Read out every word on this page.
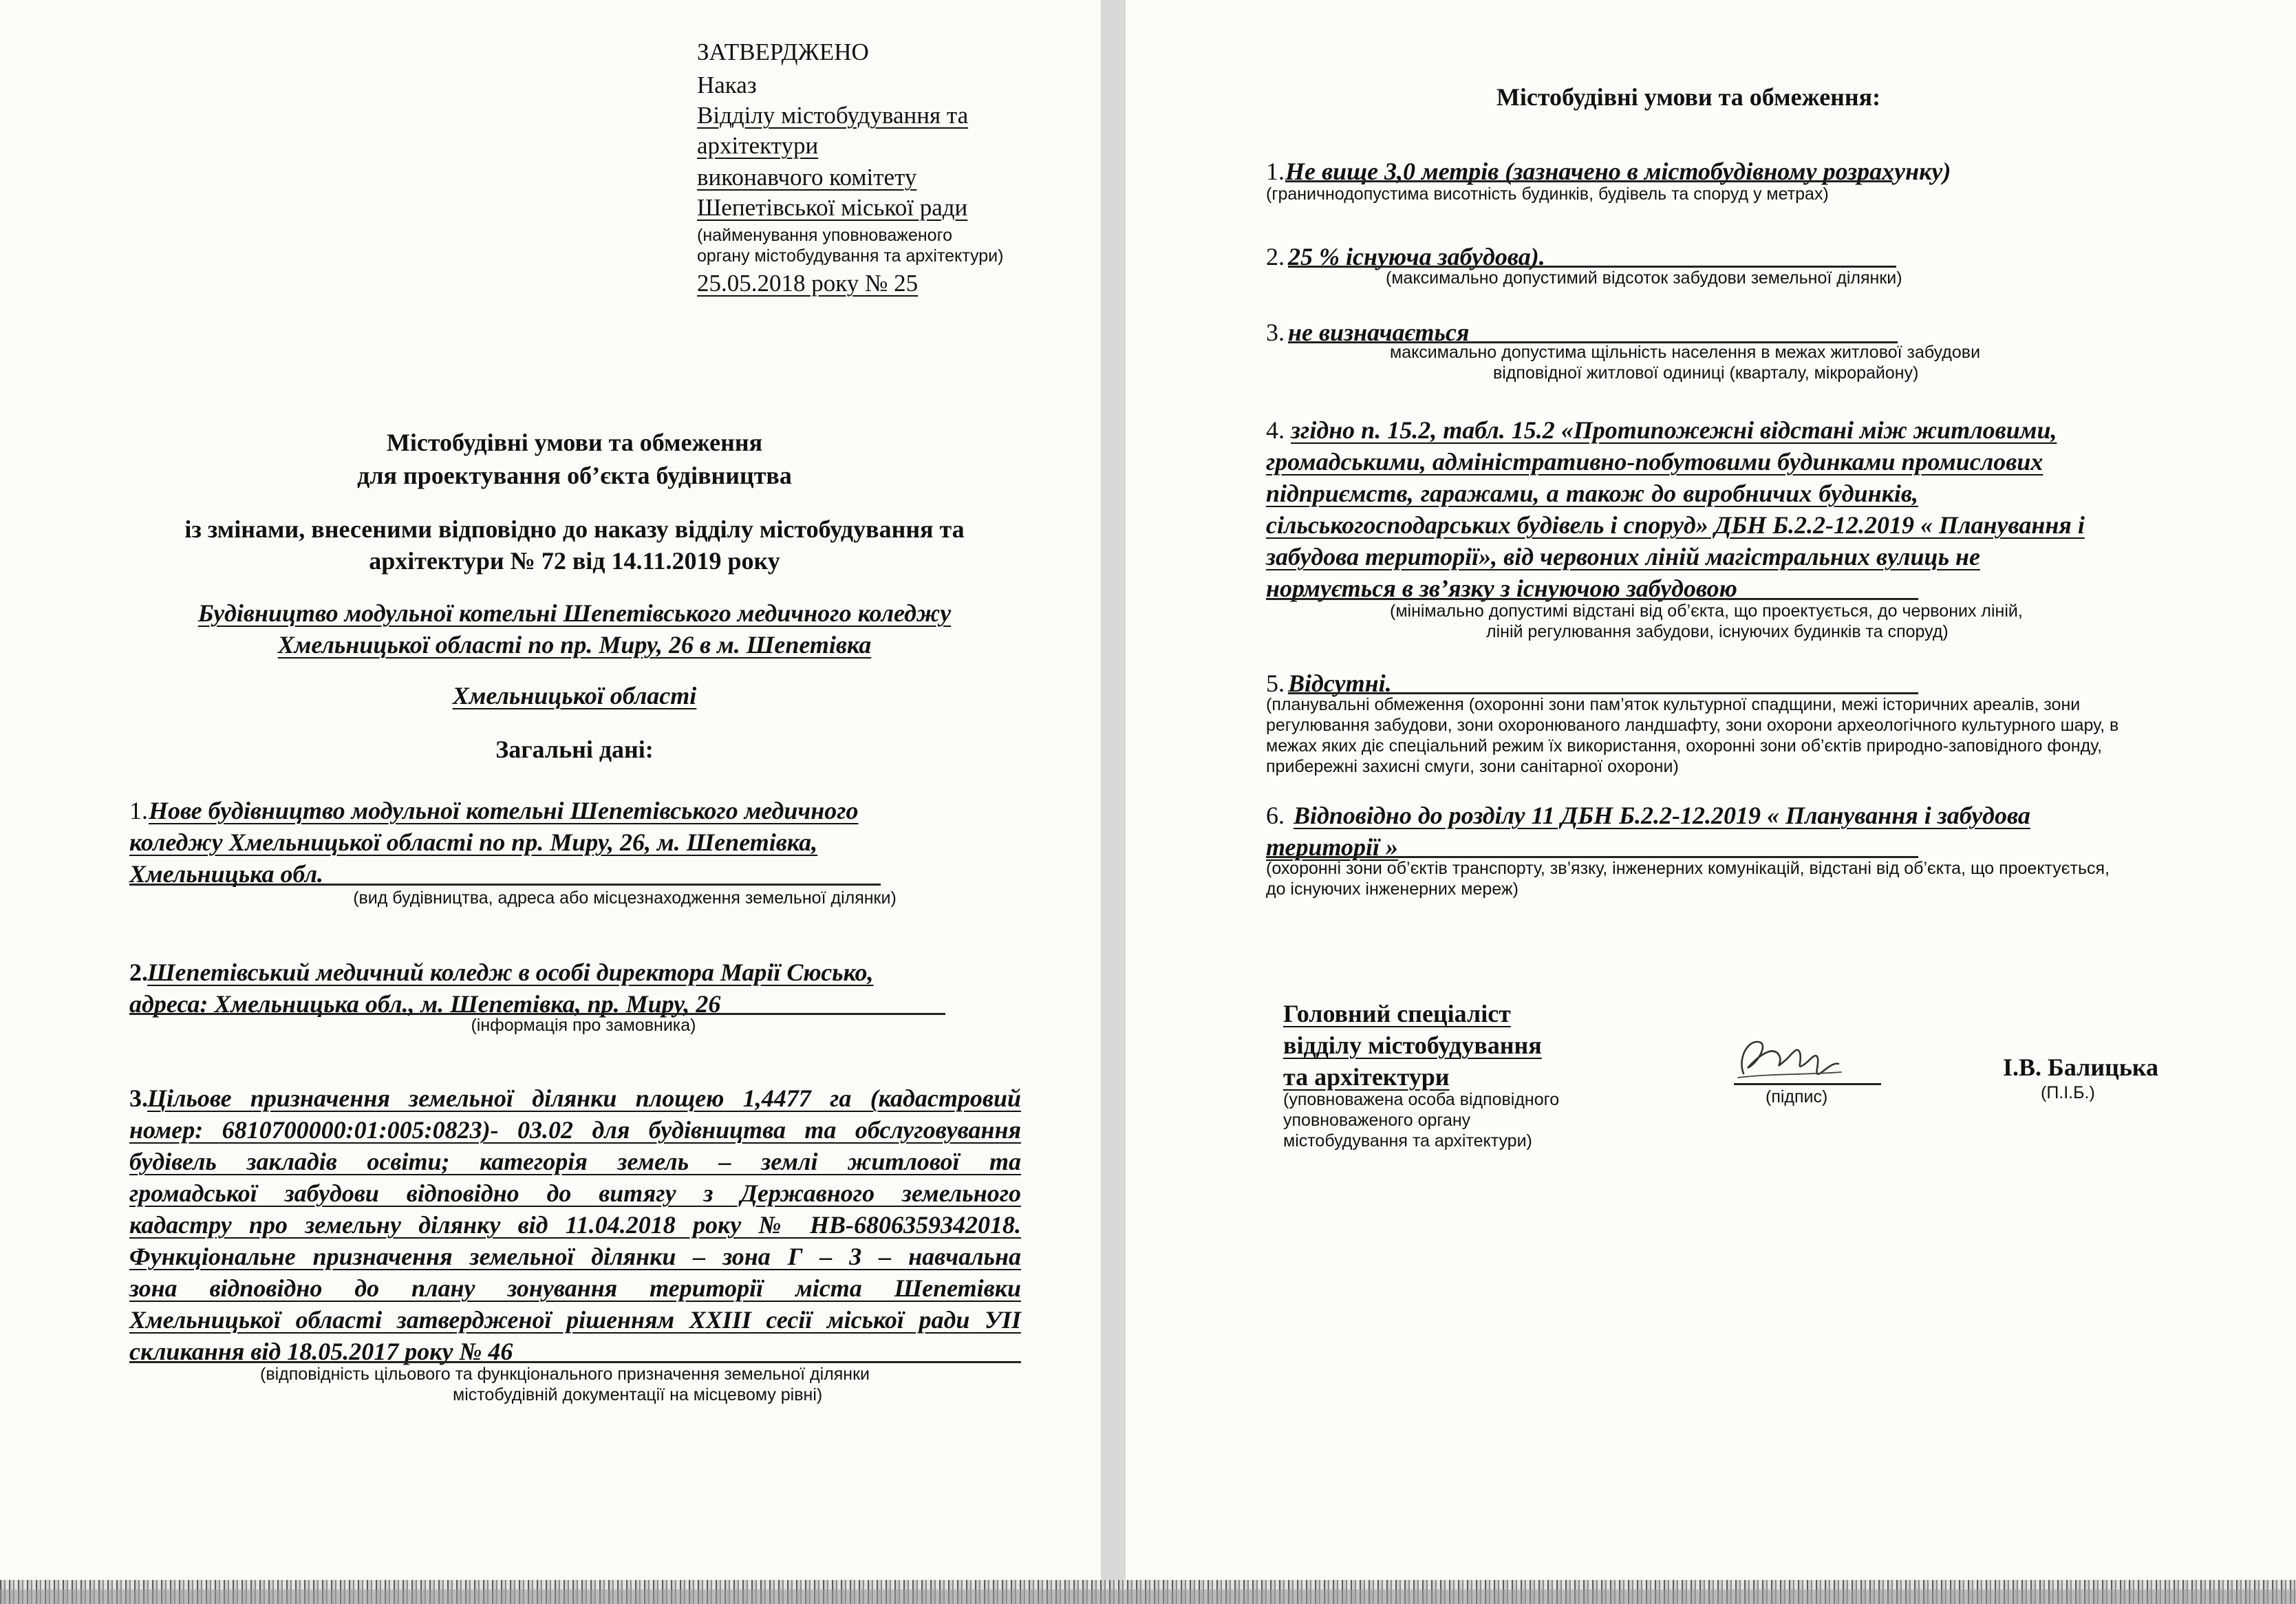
ЗАТВЕРДЖЕНО
Наказ
Відділу містобудування та
архітектури
виконавчого комітету
Шепетівської міської ради
(найменування уповноваженого
органу містобудування та архітектури)
25.05.2018 року № 25
Містобудівні умови та обмеження
для проектування об’єкта будівництва
із змінами, внесеними відповідно до наказу відділу містобудування та
архітектури № 72 від 14.11.2019 року
Будівництво модульної котельні Шепетівського медичного коледжу
Хмельницької області по пр. Миру, 26 в м. Шепетівка
Хмельницької області
Загальні дані:
1. Нове будівництво модульної котельні Шепетівського медичного
коледжу Хмельницької області по пр. Миру, 26, м. Шепетівка,
Хмельницька обл.
(вид будівництва, адреса або місцезнаходження земельної ділянки)
2. Шепетівський медичний коледж в особі директора Марії Сюсько,
адреса: Хмельницька обл., м. Шепетівка, пр. Миру, 26
(інформація про замовника)
3. Цільове призначення земельної ділянки площею 1,4477 га (кадастровий
номер: 6810700000:01:005:0823)- 03.02 для будівництва та обслуговування
будівель закладів освіти; категорія земель – землі житлової та
громадської забудови відповідно до витягу з Державного земельного
кадастру про земельну ділянку від 11.04.2018 року № НВ-6806359342018.
Функціональне призначення земельної ділянки – зона Г – 3 – навчальна
зона відповідно до плану зонування території міста Шепетівки
Хмельницької області затвердженої рішенням ХХІІІ сесії міської ради УІІ
скликання від 18.05.2017 року № 46
(відповідність цільового та функціонального призначення земельної ділянки
містобудівній документації на місцевому рівні)
Містобудівні умови та обмеження:
1. Не вище 3,0 метрів (зазначено в містобудівному розрахунку)
(граничнодопустима висотність будинків, будівель та споруд у метрах)
2. 25 % існуюча забудова).
(максимально допустимий відсоток забудови земельної ділянки)
3. не визначається
максимально допустима щільність населення в межах житлової забудови
відповідної житлової одиниці (кварталу, мікрорайону)
4. згідно п. 15.2, табл. 15.2 «Протипожежні відстані між житловими,
громадськими, адміністративно-побутовими будинками промислових
підприємств, гаражами, а також до виробничих будинків,
сільськогосподарських будівель і споруд» ДБН Б.2.2-12.2019 « Планування і
забудова території», від червоних ліній магістральних вулиць не
нормується в зв’язку з існуючою забудовою
(мінімально допустимі відстані від об’єкта, що проектується, до червоних ліній,
ліній регулювання забудови, існуючих будинків та споруд)
5. Відсутні.
(планувальні обмеження (охоронні зони пам’яток культурної спадщини, межі історичних ареалів, зони
регулювання забудови, зони охоронюваного ландшафту, зони охорони археологічного культурного шару, в
межах яких діє спеціальний режим їх використання, охоронні зони об’єктів природно-заповідного фонду,
прибережні захисні смуги, зони санітарної охорони)
6. Відповідно до розділу 11 ДБН Б.2.2-12.2019 « Планування і забудова
території »
(охоронні зони об’єктів транспорту, зв’язку, інженерних комунікацій, відстані від об’єкта, що проектується,
до існуючих інженерних мереж)
Головний спеціаліст
відділу містобудування
та архітектури
(уповноважена особа відповідного
уповноваженого органу
містобудування та архітектури)
(підпис)
І.В. Балицька
(П.І.Б.)
